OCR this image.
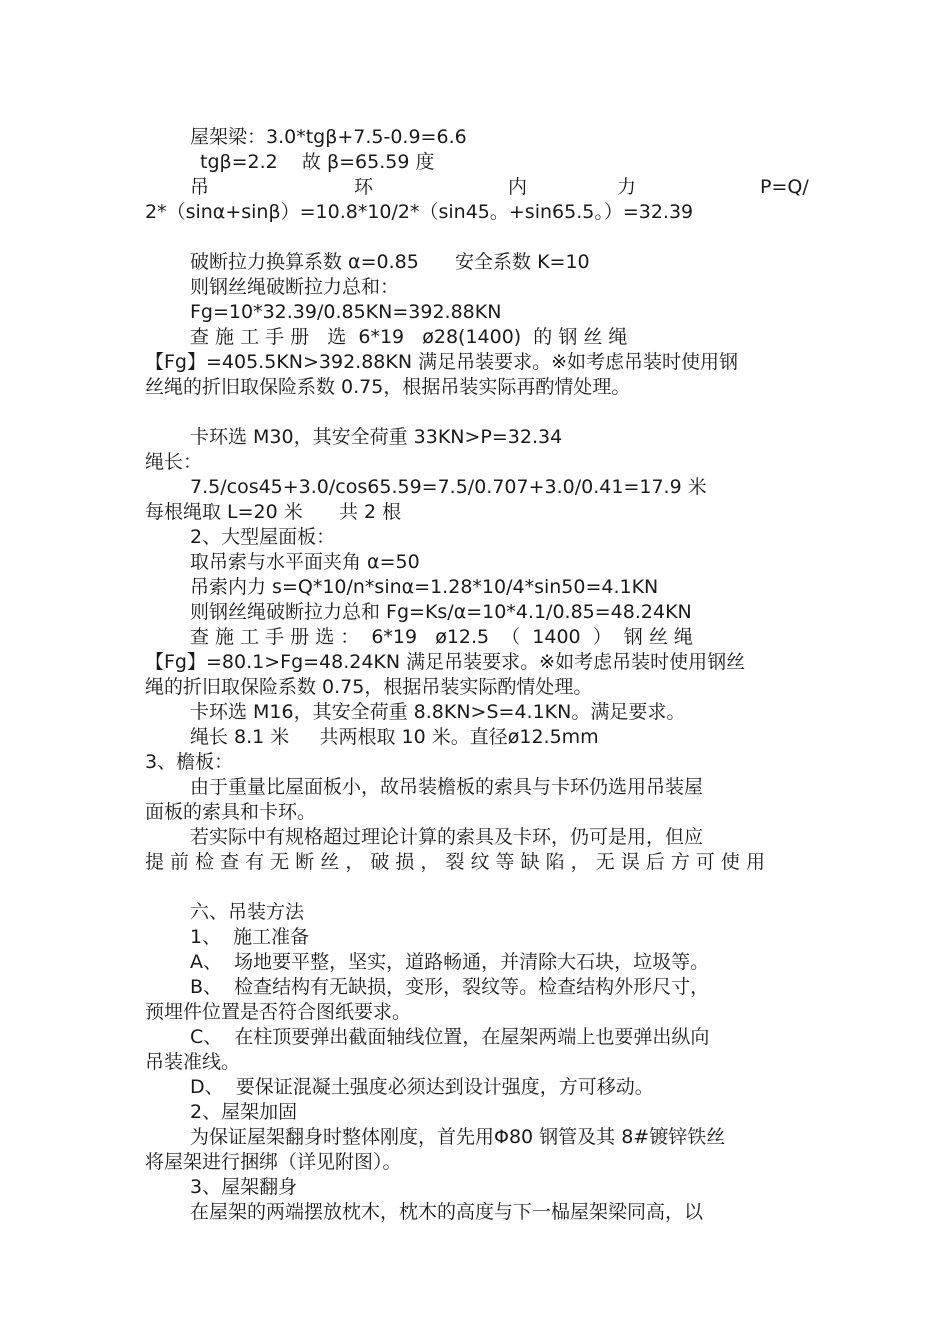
屋架梁：3.0*tgβ+7.5-0.9=6.6
tgβ=2.2    故 β=65.59 度
吊	环	内	力	P=Q/
2*（sinα+sinβ）=10.8*10/2*（sin45。+sin65.5。）=32.39
破断拉力换算系数 α=0.85      安全系数 K=10
则钢丝绳破断拉力总和：
Fg=10*32.39/0.85KN=392.88KN
查 施 工 手 册   选  6*19   ø28(1400)  的 钢 丝 绳
【Fg】=405.5KN>392.88KN 满足吊装要求。※如考虑吊装时使用钢
丝绳的折旧取保险系数 0.75，根据吊装实际再酌情处理。
卡环选 M30，其安全荷重 33KN>P=32.34
绳长：
7.5/cos45+3.0/cos65.59=7.5/0.707+3.0/0.41=17.9 米
每根绳取 L=20 米      共 2 根
2、大型屋面板：
取吊索与水平面夹角 α=50
吊索内力 s=Q*10/n*sinα=1.28*10/4*sin50=4.1KN
则钢丝绳破断拉力总和 Fg=Ks/α=10*4.1/0.85=48.24KN
查 施 工 手 册 选 ：  6*19   ø12.5  （  1400  ）  钢 丝 绳
【Fg】=80.1>Fg=48.24KN 满足吊装要求。※如考虑吊装时使用钢丝
绳的折旧取保险系数 0.75，根据吊装实际酌情处理。
卡环选 M16，其安全荷重 8.8KN>S=4.1KN。满足要求。
绳长 8.1 米     共两根取 10 米。直径ø12.5mm
3、檐板：
由于重量比屋面板小，故吊装檐板的索具与卡环仍选用吊装屋
面板的索具和卡环。
若实际中有规格超过理论计算的索具及卡环，仍可是用，但应
提 前 检 查 有 无 断 丝 ， 破 损 ， 裂 纹 等 缺 陷 ， 无 误 后 方 可 使 用
六、吊装方法
1、  施工准备
A、  场地要平整，坚实，道路畅通，并清除大石块，垃圾等。
B、  检查结构有无缺损，变形，裂纹等。检查结构外形尺寸，
预埋件位置是否符合图纸要求。
C、  在柱顶要弹出截面轴线位置，在屋架两端上也要弹出纵向
吊装准线。
D、  要保证混凝土强度必须达到设计强度，方可移动。
2、屋架加固
为保证屋架翻身时整体刚度，首先用Φ80 钢管及其 8#镀锌铁丝
将屋架进行捆绑（详见附图）。
3、屋架翻身
在屋架的两端摆放枕木，枕木的高度与下一榀屋架梁同高，以
